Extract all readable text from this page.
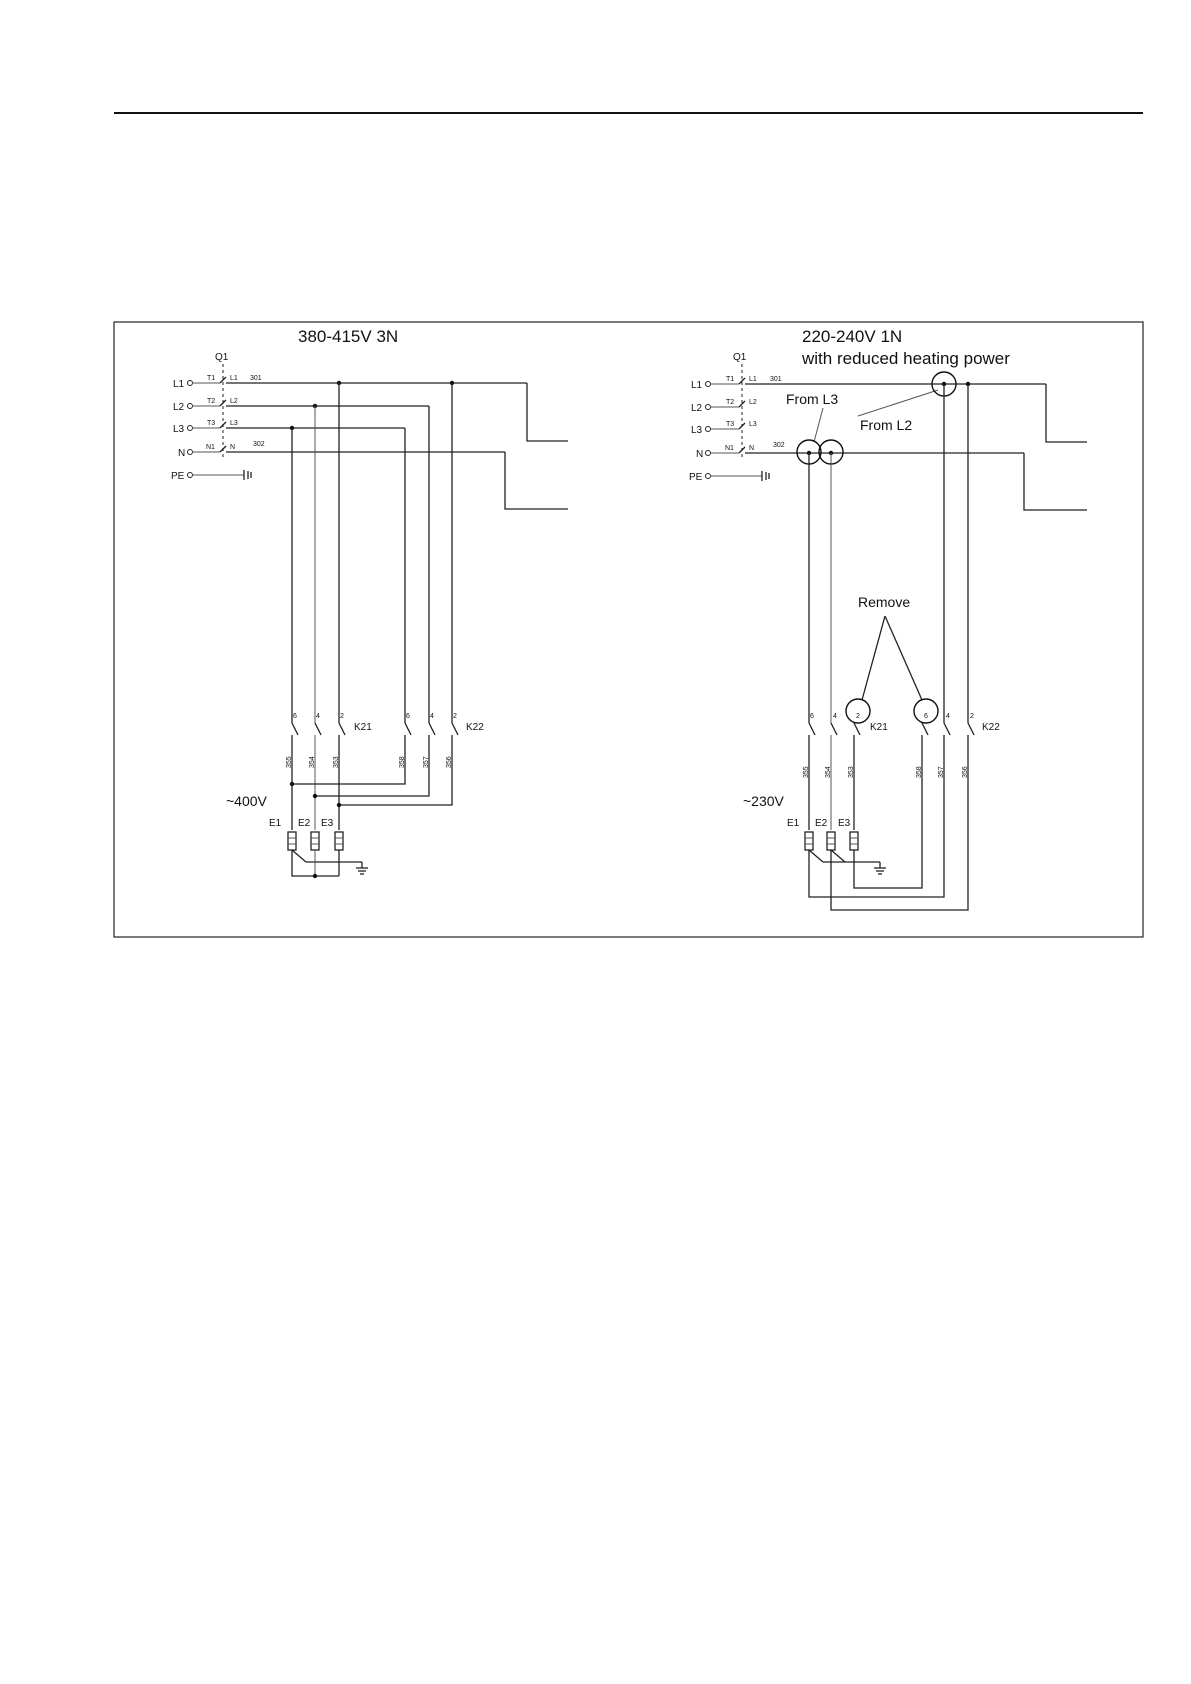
380-415V 3N
Q1
L1
L2
L3
N
PE
T1
T2
T3
N1
L1
L2
L3
N
301
302
6	4	2	6	4	2
K21	K22
355 354 353	358 357 356
~400V
E1 E2 E3
220-240V 1N
with reduced heating power
Q1
L1
L2
L3
N
PE
T1
T2
T3
N1
L1
L2
L3
N
301
302
From L3
From L2
Remove
6	4	2	6	4	2
K21	K22
355 354 353	358 357 356
~230V
E1 E2 E3
